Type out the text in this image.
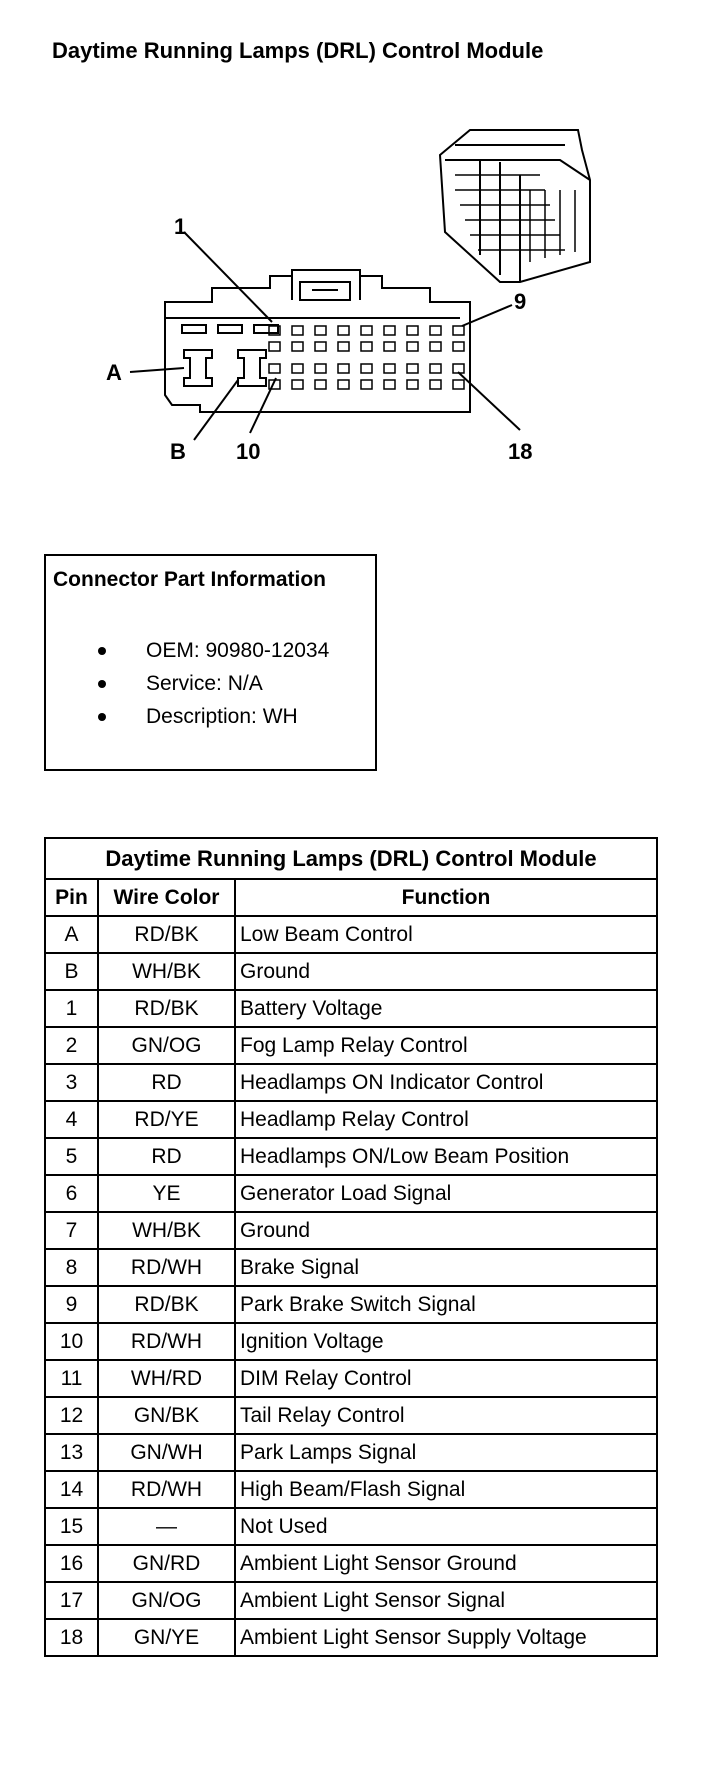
Daytime Running Lamps (DRL) Control Module
1
9
A
B 10	18
Connector Part Information
OEM: 90980-12034
Service: N/A
Description: WH
Daytime Running Lamps (DRL) Control Module		
Pin	Wire Color	Function
A	RD/BK	Low Beam Control
B	WH/BK	Ground
1	RD/BK	Battery Voltage
2	GN/OG	Fog Lamp Relay Control
3	RD	Headlamps ON Indicator Control
4	RD/YE	Headlamp Relay Control
5	RD	Headlamps ON/Low Beam Position
6	YE	Generator Load Signal
7	WH/BK	Ground
8	RD/WH	Brake Signal
9	RD/BK	Park Brake Switch Signal
10	RD/WH	Ignition Voltage
11	WH/RD	DIM Relay Control
12	GN/BK	Tail Relay Control
13	GN/WH	Park Lamps Signal
14	RD/WH	High Beam/Flash Signal
15	—	Not Used
16	GN/RD	Ambient Light Sensor Ground
17	GN/OG	Ambient Light Sensor Signal
18	GN/YE	Ambient Light Sensor Supply Voltage
